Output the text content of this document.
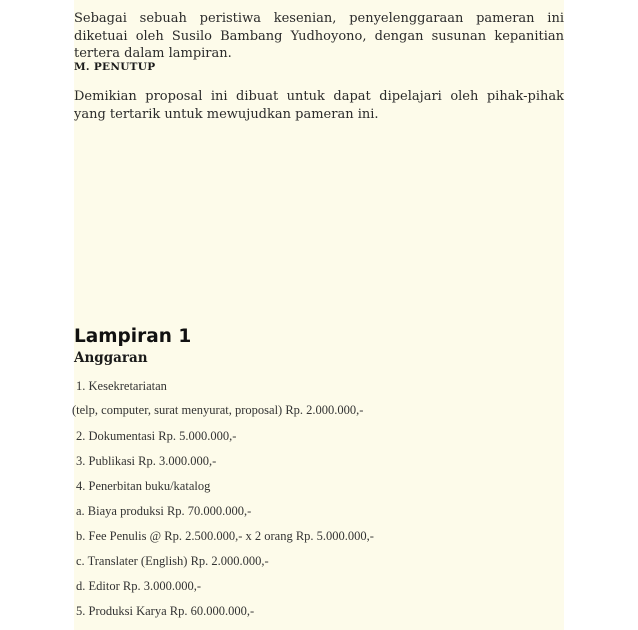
Sebagai sebuah peristiwa kesenian, penyelenggaraan pameran ini diketuai oleh Susilo Bambang Yudhoyono, dengan susunan kepanitian tertera dalam lampiran.

M. PENUTUP

Demikian proposal ini dibuat untuk dapat dipelajari oleh pihak-pihak yang tertarik untuk mewujudkan pameran ini.

Lampiran 1
Anggaran

1. Kesekretariatan

(telp, computer, surat menyurat, proposal) Rp. 2.000.000,-

2. Dokumentasi Rp. 5.000.000,-

3. Publikasi Rp. 3.000.000,-

4. Penerbitan buku/katalog

a. Biaya produksi Rp. 70.000.000,-

b. Fee Penulis @ Rp. 2.500.000,- x 2 orang Rp. 5.000.000,-

c. Translater (English) Rp. 2.000.000,-

d. Editor Rp. 3.000.000,-

5. Produksi Karya Rp. 60.000.000,-
